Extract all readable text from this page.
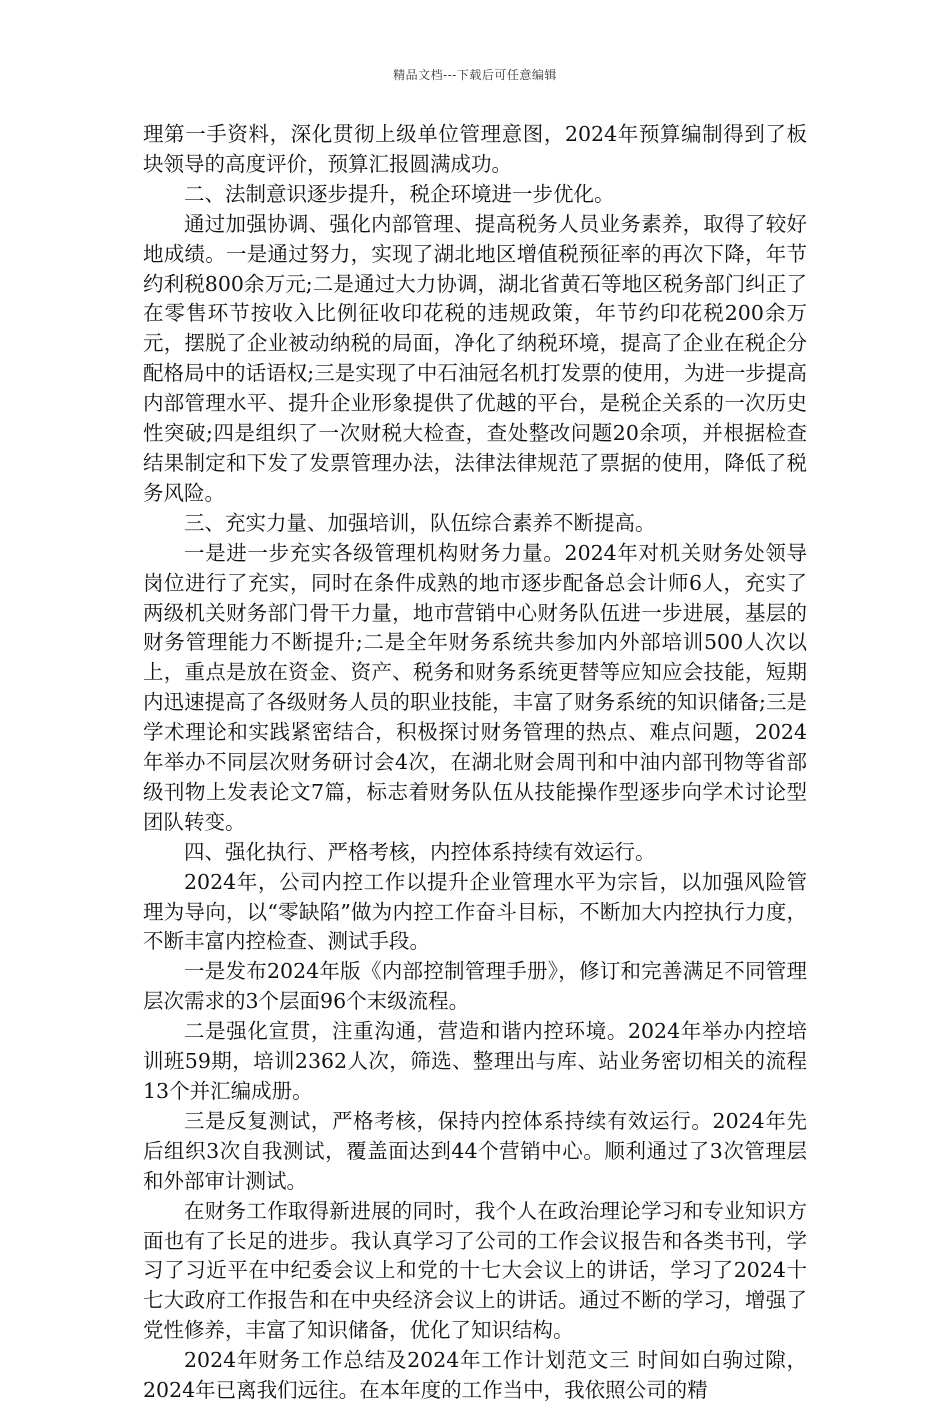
精品文档---下载后可任意编辑

理第一手资料，深化贯彻上级单位管理意图，2024年预算编制得到了板块领导的高度评价，预算汇报圆满成功。

二、法制意识逐步提升，税企环境进一步优化。

通过加强协调、强化内部管理、提高税务人员业务素养，取得了较好地成绩。一是通过努力，实现了湖北地区增值税预征率的再次下降，年节约利税800余万元;二是通过大力协调，湖北省黄石等地区税务部门纠正了在零售环节按收入比例征收印花税的违规政策，年节约印花税200余万元，摆脱了企业被动纳税的局面，净化了纳税环境，提高了企业在税企分配格局中的话语权;三是实现了中石油冠名机打发票的使用，为进一步提高内部管理水平、提升企业形象提供了优越的平台，是税企关系的一次历史性突破;四是组织了一次财税大检查，查处整改问题20余项，并根据检查结果制定和下发了发票管理办法，法律法律规范了票据的使用，降低了税务风险。

三、充实力量、加强培训，队伍综合素养不断提高。

一是进一步充实各级管理机构财务力量。2024年对机关财务处领导岗位进行了充实，同时在条件成熟的地市逐步配备总会计师6人，充实了两级机关财务部门骨干力量，地市营销中心财务队伍进一步进展，基层的财务管理能力不断提升;二是全年财务系统共参加内外部培训500人次以上，重点是放在资金、资产、税务和财务系统更替等应知应会技能，短期内迅速提高了各级财务人员的职业技能，丰富了财务系统的知识储备;三是学术理论和实践紧密结合，积极探讨财务管理的热点、难点问题，2024年举办不同层次财务研讨会4次，在湖北财会周刊和中油内部刊物等省部级刊物上发表论文7篇，标志着财务队伍从技能操作型逐步向学术讨论型团队转变。

四、强化执行、严格考核，内控体系持续有效运行。

2024年，公司内控工作以提升企业管理水平为宗旨，以加强风险管理为导向，以“零缺陷”做为内控工作奋斗目标，不断加大内控执行力度，不断丰富内控检查、测试手段。

一是发布2024年版《内部控制管理手册》，修订和完善满足不同管理层次需求的3个层面96个末级流程。

二是强化宣贯，注重沟通，营造和谐内控环境。2024年举办内控培训班59期，培训2362人次，筛选、整理出与库、站业务密切相关的流程13个并汇编成册。

三是反复测试，严格考核，保持内控体系持续有效运行。2024年先后组织3次自我测试，覆盖面达到44个营销中心。顺利通过了3次管理层和外部审计测试。

在财务工作取得新进展的同时，我个人在政治理论学习和专业知识方面也有了长足的进步。我认真学习了公司的工作会议报告和各类书刊，学习了习近平在中纪委会议上和党的十七大会议上的讲话，学习了2024十七大政府工作报告和在中央经济会议上的讲话。通过不断的学习，增强了党性修养，丰富了知识储备，优化了知识结构。

2024年财务工作总结及2024年工作计划范文三 时间如白驹过隙，2024年已离我们远往。在本年度的工作当中，我依照公司的精
